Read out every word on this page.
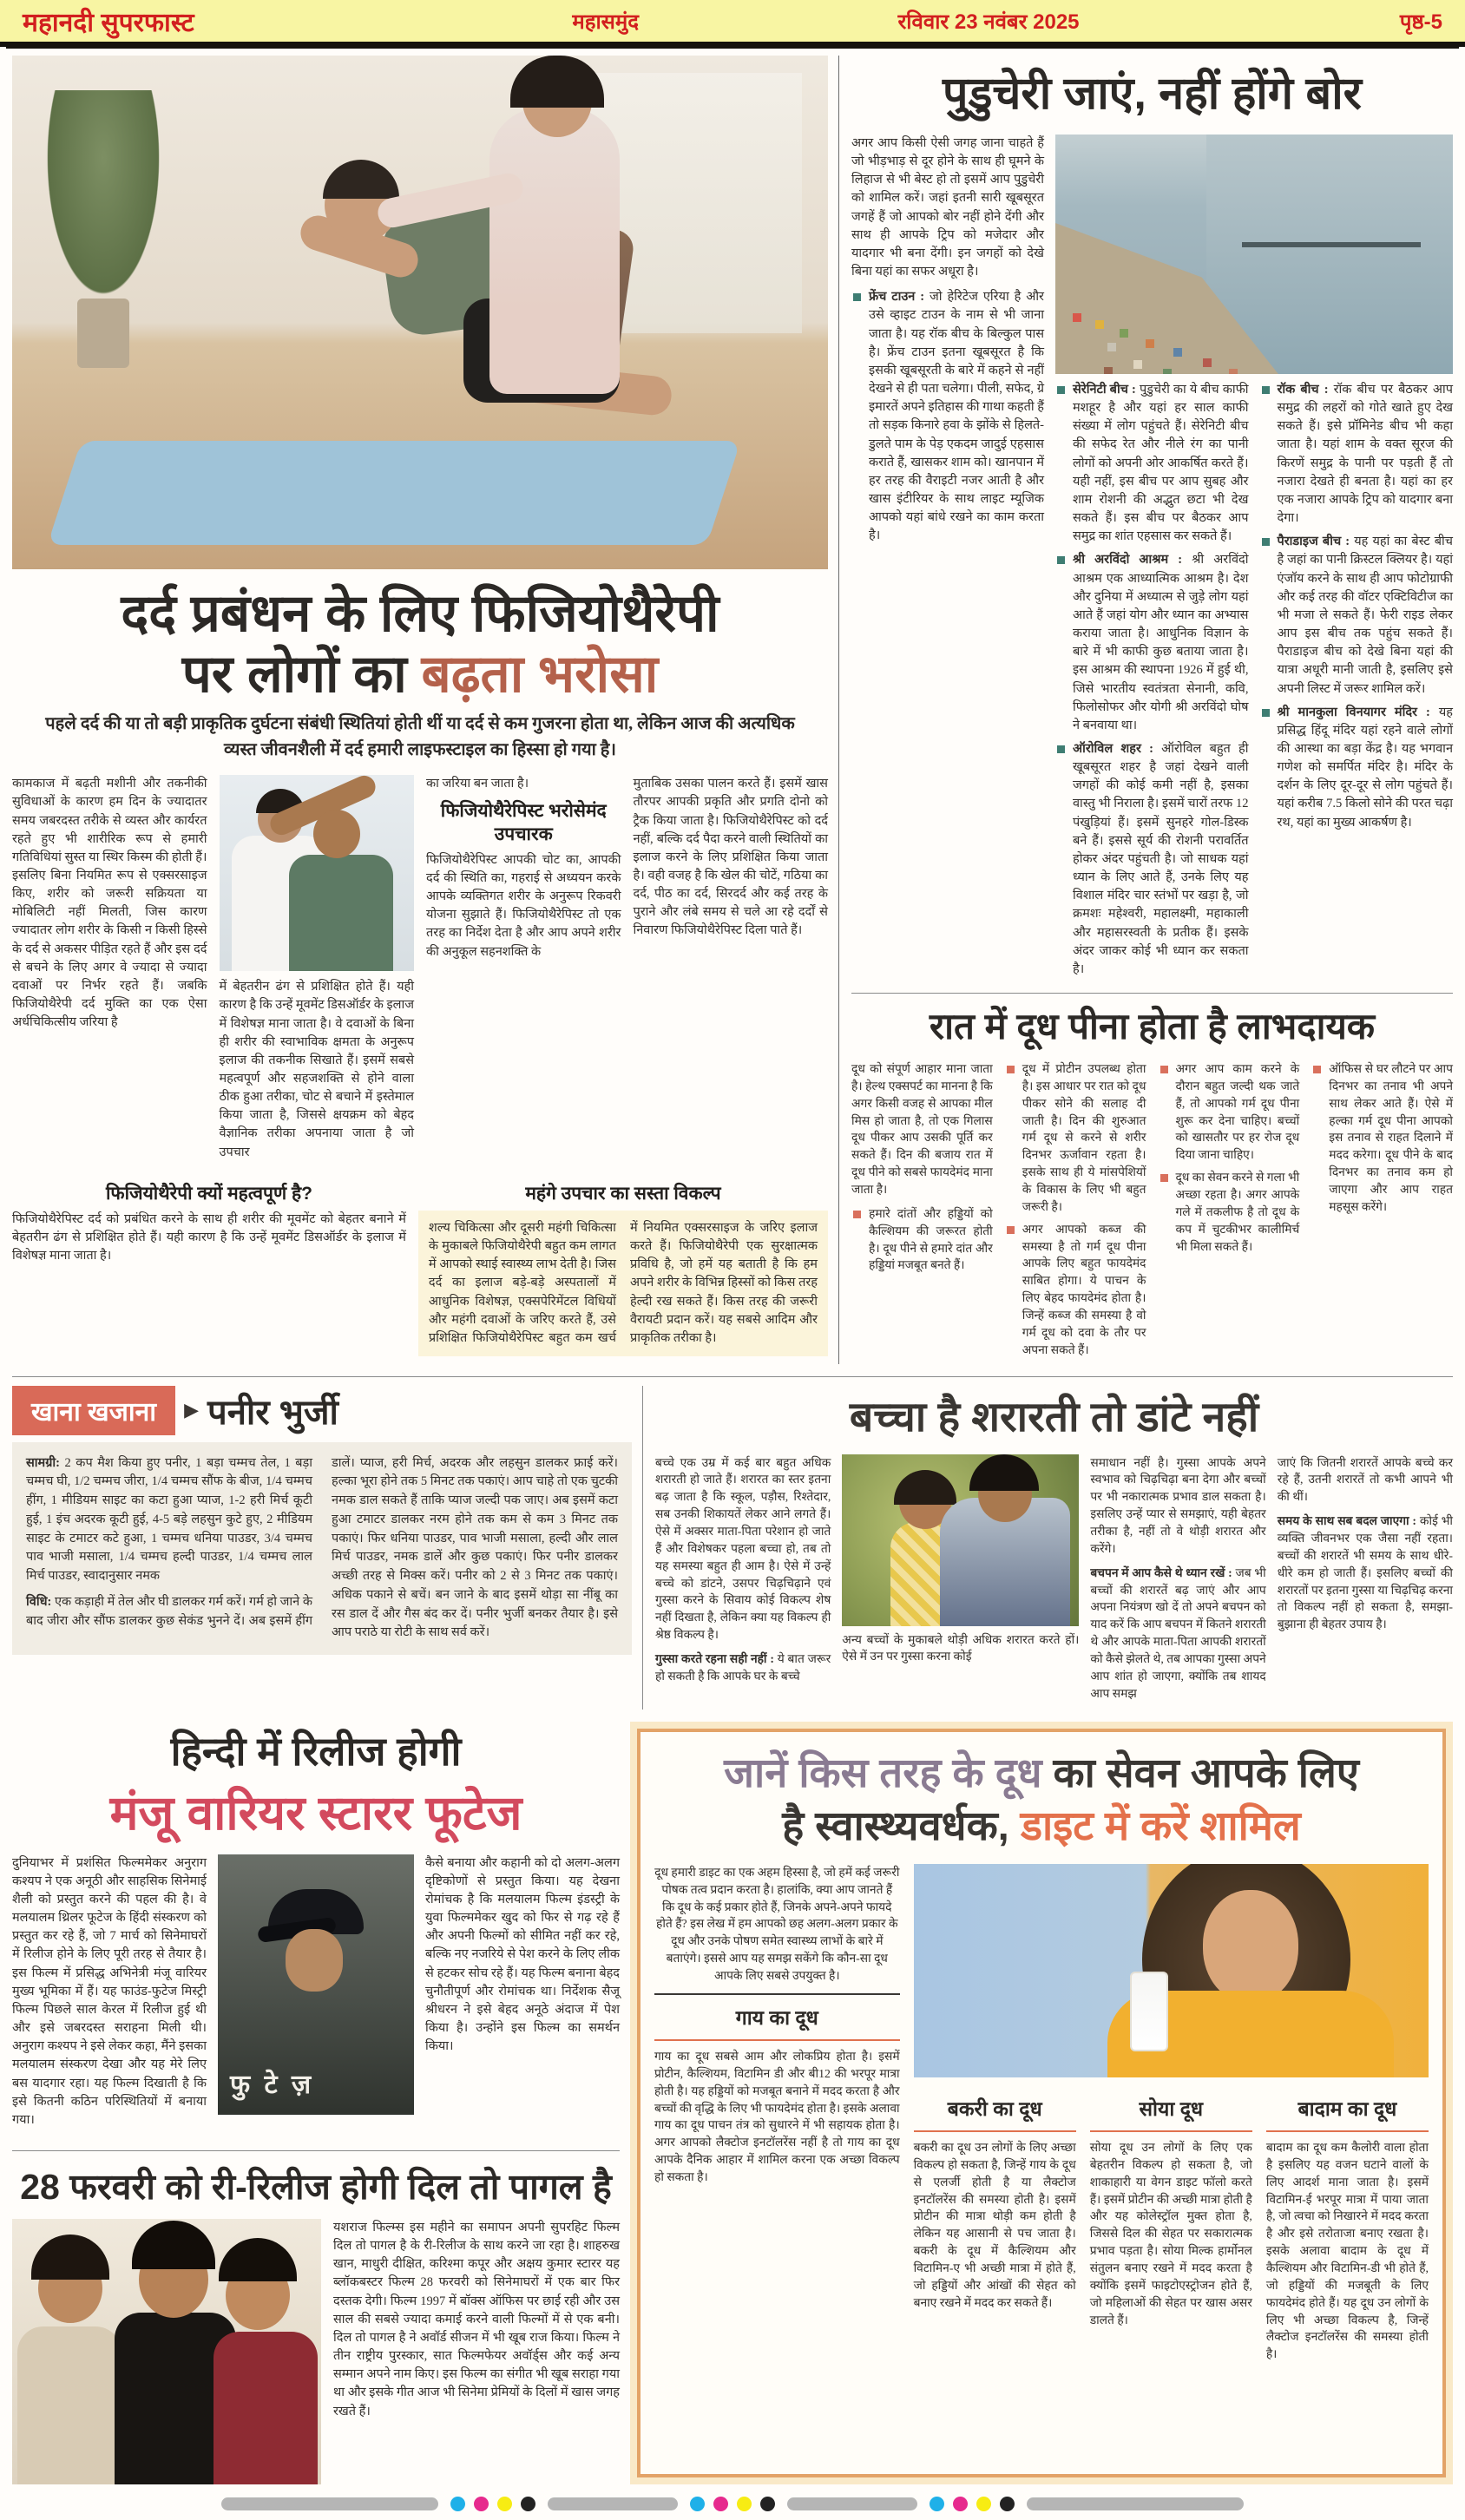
महानदी सुपरफास्ट	महासमुंद	रविवार 23 नवंबर 2025	पृष्ठ-5
दर्द प्रबंधन के लिए फिजियोथैरेपी
पर लोगों का बढ़ता भरोसा

पहले दर्द की या तो बड़ी प्राकृतिक दुर्घटना संबंधी स्थितियां होती थीं या दर्द से कम गुजरना होता था, लेकिन आज की अत्यधिक व्यस्त जीवनशैली में दर्द हमारी लाइफस्टाइल का हिस्सा हो गया है।

कामकाज में बढ़ती मशीनी और तकनीकी सुविधाओं के कारण हम दिन के ज्यादातर समय जबरदस्त तरीके से व्यस्त और कार्यरत रहते हुए भी शारीरिक रूप से हमारी गतिविधियां सुस्त या स्थिर किस्म की होती हैं। इसलिए बिना नियमित रूप से एक्सरसाइज किए, शरीर को जरूरी सक्रियता या मोबिलिटी नहीं मिलती, जिस कारण ज्यादातर लोग शरीर के किसी न किसी हिस्से के दर्द से अकसर पीड़ित रहते हैं और इस दर्द से बचने के लिए अगर वे ज्यादा से ज्यादा दवाओं पर निर्भर रहते हैं। जबकि फिजियोथैरेपी दर्द मुक्ति का एक ऐसा अर्धचिकित्सीय जरिया है

में बेहतरीन ढंग से प्रशिक्षित होते हैं। यही कारण है कि उन्हें मूवमेंट डिसऑर्डर के इलाज में विशेषज्ञ माना जाता है। वे दवाओं के बिना ही शरीर की स्वाभाविक क्षमता के अनुरूप इलाज की तकनीक सिखाते हैं। इसमें सबसे महत्वपूर्ण और सहजशक्ति से होने वाला ठीक हुआ तरीका, चोट से बचाने में इस्तेमाल किया जाता है, जिससे क्षयक्रम को बेहद वैज्ञानिक तरीका अपनाया जाता है जो उपचार

का जरिया बन जाता है।

फिजियोथैरेपिस्ट भरोसेमंद उपचारक

फिजियोथैरेपिस्ट आपकी चोट का, आपकी दर्द की स्थिति का, गहराई से अध्ययन करके आपके व्यक्तिगत शरीर के अनुरूप रिकवरी योजना सुझाते हैं। फिजियोथैरेपिस्ट तो एक तरह का निर्देश देता है और आप अपने शरीर की अनुकूल सहनशक्ति के

मुताबिक उसका पालन करते हैं। इसमें खास तौरपर आपकी प्रकृति और प्रगति दोनो को ट्रैक किया जाता है। फिजियोथैरेपिस्ट को दर्द नहीं, बल्कि दर्द पैदा करने वाली स्थितियों का इलाज करने के लिए प्रशिक्षित किया जाता है। वही वजह है कि खेल की चोटें, गठिया का दर्द, पीठ का दर्द, सिरदर्द और कई तरह के पुराने और लंबे समय से चले आ रहे दर्दों से निवारण फिजियोथैरेपिस्ट दिला पाते हैं।

फिजियोथैरेपी क्यों महत्वपूर्ण है?

फिजियोथैरेपिस्ट दर्द को प्रबंधित करने के साथ ही शरीर की मूवमेंट को बेहतर बनाने में बेहतरीन ढंग से प्रशिक्षित होते हैं। यही कारण है कि उन्हें मूवमेंट डिसऑर्डर के इलाज में विशेषज्ञ माना जाता है।

महंगे उपचार का सस्ता विकल्प

शल्य चिकित्सा और दूसरी महंगी चिकित्सा के मुकाबले फिजियोथैरेपी बहुत कम लागत में आपको स्थाई स्वास्थ्य लाभ देती है। जिस दर्द का इलाज बड़े-बड़े अस्पतालों में आधुनिक विशेषज्ञ, एक्सपेरिमेंटल विधियों और महंगी दवाओं के जरिए करते हैं, उसे प्रशिक्षित फिजियोथैरेपिस्ट बहुत कम खर्च में नियमित एक्सरसाइज के जरिए इलाज करते हैं। फिजियोथैरेपी एक सुरक्षात्मक प्रविधि है, जो हमें यह बताती है कि हम अपने शरीर के विभिन्न हिस्सों को किस तरह हेल्दी रख सकते हैं। किस तरह की जरूरी वैरायटी प्रदान करें। यह सबसे आदिम और प्राकृतिक तरीका है।

पुडुचेरी जाएं, नहीं होंगे बोर

अगर आप किसी ऐसी जगह जाना चाहते हैं जो भीड़भाड़ से दूर होने के साथ ही घूमने के लिहाज से भी बेस्ट हो तो इसमें आप पुडुचेरी को शामिल करें। जहां इतनी सारी खूबसूरत जगहें हैं जो आपको बोर नहीं होने देंगी और साथ ही आपके ट्रिप को मजेदार और यादगार भी बना देंगी। इन जगहों को देखे बिना यहां का सफर अधूरा है।

फ्रेंच टाउन : जो हेरिटेज एरिया है और उसे व्हाइट टाउन के नाम से भी जाना जाता है। यह रॉक बीच के बिल्कुल पास है। फ्रेंच टाउन इतना खूबसूरत है कि इसकी खूबसूरती के बारे में कहने से नहीं देखने से ही पता चलेगा। पीली, सफेद, ग्रे इमारतें अपने इतिहास की गाथा कहती हैं तो सड़क किनारे हवा के झोंके से हिलते-डुलते पाम के पेड़ एकदम जादुई एहसास कराते हैं, खासकर शाम को। खानपान में हर तरह की वैराइटी नजर आती है और खास इंटीरियर के साथ लाइट म्यूजिक आपको यहां बांधे रखने का काम करता है।
सेरेनिटी बीच : पुडुचेरी का ये बीच काफी मशहूर है और यहां हर साल काफी संख्या में लोग पहुंचते हैं। सेरेनिटी बीच की सफेद रेत और नीले रंग का पानी लोगों को अपनी ओर आकर्षित करते हैं। यही नहीं, इस बीच पर आप सुबह और शाम रोशनी की अद्भुत छटा भी देख सकते हैं। इस बीच पर बैठकर आप समुद्र का शांत एहसास कर सकते हैं।
श्री अरविंदो आश्रम : श्री अरविंदो आश्रम एक आध्यात्मिक आश्रम है। देश और दुनिया में अध्यात्म से जुड़े लोग यहां आते हैं जहां योग और ध्यान का अभ्यास कराया जाता है। आधुनिक विज्ञान के बारे में भी काफी कुछ बताया जाता है। इस आश्रम की स्थापना 1926 में हुई थी, जिसे भारतीय स्वतंत्रता सेनानी, कवि, फिलोसोफर और योगी श्री अरविंदो घोष ने बनवाया था।
ऑरोविल शहर : ऑरोविल बहुत ही खूबसूरत शहर है जहां देखने वाली जगहों की कोई कमी नहीं है, इसका वास्तु भी निराला है। इसमें चारों तरफ 12 पंखुड़ियां हैं। इसमें सुनहरे गोल-डिस्क बने हैं। इससे सूर्य की रोशनी परावर्तित होकर अंदर पहुंचती है। जो साधक यहां ध्यान के लिए आते हैं, उनके लिए यह विशाल मंदिर चार स्तंभों पर खड़ा है, जो क्रमशः महेश्वरी, महालक्ष्मी, महाकाली और महासरस्वती के प्रतीक हैं। इसके अंदर जाकर कोई भी ध्यान कर सकता है।
रॉक बीच : रॉक बीच पर बैठकर आप समुद्र की लहरों को गोते खाते हुए देख सकते हैं। इसे प्रॉमिनेड बीच भी कहा जाता है। यहां शाम के वक्त सूरज की किरणें समुद्र के पानी पर पड़ती हैं तो नजारा देखते ही बनता है। यहां का हर एक नजारा आपके ट्रिप को यादगार बना देगा।
पैराडाइज बीच : यह यहां का बेस्ट बीच है जहां का पानी क्रिस्टल क्लियर है। यहां एंजॉय करने के साथ ही आप फोटोग्राफी और कई तरह की वॉटर एक्टिविटीज का भी मजा ले सकते हैं। फेरी राइड लेकर आप इस बीच तक पहुंच सकते हैं। पैराडाइज बीच को देखे बिना यहां की यात्रा अधूरी मानी जाती है, इसलिए इसे अपनी लिस्ट में जरूर शामिल करें।
श्री मानकुला विनयागर मंदिर : यह प्रसिद्ध हिंदू मंदिर यहां रहने वाले लोगों की आस्था का बड़ा केंद्र है। यह भगवान गणेश को समर्पित मंदिर है। मंदिर के दर्शन के लिए दूर-दूर से लोग पहुंचते हैं। यहां करीब 7.5 किलो सोने की परत चढ़ा रथ, यहां का मुख्य आकर्षण है।
रात में दूध पीना होता है लाभदायक

दूध को संपूर्ण आहार माना जाता है। हेल्थ एक्सपर्ट का मानना है कि अगर किसी वजह से आपका मील मिस हो जाता है, तो एक गिलास दूध पीकर आप उसकी पूर्ति कर सकते हैं। दिन की बजाय रात में दूध पीने को सबसे फायदेमंद माना जाता है।

हमारे दांतों और हड्डियों को कैल्शियम की जरूरत होती है। दूध पीने से हमारे दांत और हड्डियां मजबूत बनते हैं।
दूध में प्रोटीन उपलब्ध होता है। इस आधार पर रात को दूध पीकर सोने की सलाह दी जाती है। दिन की शुरुआत गर्म दूध से करने से शरीर दिनभर ऊर्जावान रहता है। इसके साथ ही ये मांसपेशियों के विकास के लिए भी बहुत जरूरी है।
अगर आपको कब्ज की समस्या है तो गर्म दूध पीना आपके लिए बहुत फायदेमंद साबित होगा। ये पाचन के लिए बेहद फायदेमंद होता है। जिन्हें कब्ज की समस्या है वो गर्म दूध को दवा के तौर पर अपना सकते हैं।
अगर आप काम करने के दौरान बहुत जल्दी थक जाते हैं, तो आपको गर्म दूध पीना शुरू कर देना चाहिए। बच्चों को खासतौर पर हर रोज दूध दिया जाना चाहिए।
दूध का सेवन करने से गला भी अच्छा रहता है। अगर आपके गले में तकलीफ है तो दूध के कप में चुटकीभर कालीमिर्च भी मिला सकते हैं।
ऑफिस से घर लौटने पर आप दिनभर का तनाव भी अपने साथ लेकर आते हैं। ऐसे में हल्का गर्म दूध पीना आपको इस तनाव से राहत दिलाने में मदद करेगा। दूध पीने के बाद दिनभर का तनाव कम हो जाएगा और आप राहत महसूस करेंगे।
खाना खजाना	▶ पनीर भुर्जी

सामग्री: 2 कप मैश किया हुए पनीर, 1 बड़ा चम्मच तेल, 1 बड़ा चम्मच घी, 1/2 चम्मच जीरा, 1/4 चम्मच सौंफ के बीज, 1/4 चम्मच हींग, 1 मीडियम साइट का कटा हुआ प्याज, 1-2 हरी मिर्च कूटी हुई, 1 इंच अदरक कूटी हुई, 4-5 बड़े लहसुन कुटे हुए, 2 मीडियम साइट के टमाटर कटे हुआ, 1 चम्मच धनिया पाउडर, 3/4 चम्मच पाव भाजी मसाला, 1/4 चम्मच हल्दी पाउडर, 1/4 चम्मच लाल मिर्च पाउडर, स्वादानुसार नमक

विधि: एक कड़ाही में तेल और घी डालकर गर्म करें। गर्म हो जाने के बाद जीरा और सौंफ डालकर कुछ सेकंड भुनने दें। अब इसमें हींग डालें। प्याज, हरी मिर्च, अदरक और लहसुन डालकर फ्राई करें। हल्का भूरा होने तक 5 मिनट तक पकाएं। आप चाहे तो एक चुटकी नमक डाल सकते हैं ताकि प्याज जल्दी पक जाए। अब इसमें कटा हुआ टमाटर डालकर नरम होने तक कम से कम 3 मिनट तक पकाएं। फिर धनिया पाउडर, पाव भाजी मसाला, हल्दी और लाल मिर्च पाउडर, नमक डालें और कुछ पकाएं। फिर पनीर डालकर अच्छी तरह से मिक्स करें। पनीर को 2 से 3 मिनट तक पकाएं। अधिक पकाने से बचें। बन जाने के बाद इसमें थोड़ा सा नींबू का रस डाल दें और गैस बंद कर दें। पनीर भुर्जी बनकर तैयार है। इसे आप पराठे या रोटी के साथ सर्व करें।

बच्चा है शरारती तो डांटे नहीं

बच्चे एक उम्र में कई बार बहुत अधिक शरारती हो जाते हैं। शरारत का स्तर इतना बढ़ जाता है कि स्कूल, पड़ौस, रिश्तेदार, सब उनकी शिकायतें लेकर आने लगते हैं। ऐसे में अक्सर माता-पिता परेशान हो जाते हैं और विशेषकर पहला बच्चा हो, तब तो यह समस्या बहुत ही आम है। ऐसे में उन्हें बच्चे को डांटने, उसपर चिढ़चिढ़ाने एवं गुस्सा करने के सिवाय कोई विकल्प शेष नहीं दिखता है, लेकिन क्या यह विकल्प ही श्रेष्ठ विकल्प है।

गुस्सा करते रहना सही नहीं : ये बात जरूर हो सकती है कि आपके घर के बच्चे

अन्य बच्चों के मुकाबले थोड़ी अधिक शरारत करते हों। ऐसे में उन पर गुस्सा करना कोई

समाधान नहीं है। गुस्सा आपके अपने स्वभाव को चिढ़चिढ़ा बना देगा और बच्चों पर भी नकारात्मक प्रभाव डाल सकता है। इसलिए उन्हें प्यार से समझाएं, यही बेहतर तरीका है, नहीं तो वे थोड़ी शरारत और करेंगे।

बचपन में आप कैसे थे ध्यान रखें : जब भी बच्चों की शरारतें बढ़ जाएं और आप अपना नियंत्रण खो दें तो अपने बचपन को याद करें कि आप बचपन में कितने शरारती थे और आपके माता-पिता आपकी शरारतों को कैसे झेलते थे, तब आपका गुस्सा अपने आप शांत हो जाएगा, क्योंकि तब शायद आप समझ

जाएं कि जितनी शरारतें आपके बच्चे कर रहे हैं, उतनी शरारतें तो कभी आपने भी की थीं।

समय के साथ सब बदल जाएगा : कोई भी व्यक्ति जीवनभर एक जैसा नहीं रहता। बच्चों की शरारतें भी समय के साथ धीरे-धीरे कम हो जाती हैं। इसलिए बच्चों की शरारतों पर इतना गुस्सा या चिढ़चिढ़ करना तो विकल्प नहीं हो सकता है, समझा-बुझाना ही बेहतर उपाय है।

हिन्दी में रिलीज होगी
मंजू वारियर स्टारर फूटेज

दुनियाभर में प्रशंसित फिल्ममेकर अनुराग कश्यप ने एक अनूठी और साहसिक सिनेमाई शैली को प्रस्तुत करने की पहल की है। वे मलयालम थ्रिलर फूटेज के हिंदी संस्करण को प्रस्तुत कर रहे हैं, जो 7 मार्च को सिनेमाघरों में रिलीज होने के लिए पूरी तरह से तैयार है। इस फिल्म में प्रसिद्ध अभिनेत्री मंजू वारियर मुख्य भूमिका में हैं। यह फाउंड-फुटेज मिस्ट्री फिल्म पिछले साल केरल में रिलीज हुई थी और इसे जबरदस्त सराहना मिली थी। अनुराग कश्यप ने इसे लेकर कहा, मैंने इसका मलयालम संस्करण देखा और यह मेरे लिए बस यादगार रहा। यह फिल्म दिखाती है कि इसे कितनी कठिन परिस्थितियों में बनाया गया।

फु टे ज़

कैसे बनाया और कहानी को दो अलग-अलग दृष्टिकोणों से प्रस्तुत किया। यह देखना रोमांचक है कि मलयालम फिल्म इंडस्ट्री के युवा फिल्ममेकर खुद को फिर से गढ़ रहे हैं और अपनी फिल्मों को सीमित नहीं कर रहे, बल्कि नए नजरिये से पेश करने के लिए लीक से हटकर सोच रहे हैं। यह फिल्म बनाना बेहद चुनौतीपूर्ण और रोमांचक था। निर्देशक सैजू श्रीधरन ने इसे बेहद अनूठे अंदाज में पेश किया है। उन्होंने इस फिल्म का समर्थन किया।

28 फरवरी को री-रिलीज होगी दिल तो पागल है

यशराज फिल्म्स इस महीने का समापन अपनी सुपरहिट फिल्म दिल तो पागल है के री-रिलीज के साथ करने जा रहा है। शाहरुख खान, माधुरी दीक्षित, करिश्मा कपूर और अक्षय कुमार स्टारर यह ब्लॉकबस्टर फिल्म 28 फरवरी को सिनेमाघरों में एक बार फिर दस्तक देगी। फिल्म 1997 में बॉक्स ऑफिस पर छाई रही और उस साल की सबसे ज्यादा कमाई करने वाली फिल्मों में से एक बनी। दिल तो पागल है ने अवॉर्ड सीजन में भी खूब राज किया। फिल्म ने तीन राष्ट्रीय पुरस्कार, सात फिल्मफेयर अवॉर्ड्स और कई अन्य सम्मान अपने नाम किए। इस फिल्म का संगीत भी खूब सराहा गया था और इसके गीत आज भी सिनेमा प्रेमियों के दिलों में खास जगह रखते हैं।

जानें किस तरह के दूध का सेवन आपके लिए
है स्वास्थ्यवर्धक, डाइट में करें शामिल

दूध हमारी डाइट का एक अहम हिस्सा है, जो हमें कई जरूरी पोषक तत्व प्रदान करता है। हालांकि, क्या आप जानते हैं कि दूध के कई प्रकार होते हैं, जिनके अपने-अपने फायदे होते हैं? इस लेख में हम आपको छह अलग-अलग प्रकार के दूध और उनके पोषण समेत स्वास्थ्य लाभों के बारे में बताएंगे। इससे आप यह समझ सकेंगे कि कौन-सा दूध आपके लिए सबसे उपयुक्त है।

गाय का दूध

गाय का दूध सबसे आम और लोकप्रिय होता है। इसमें प्रोटीन, कैल्शियम, विटामिन डी और बी12 की भरपूर मात्रा होती है। यह हड्डियों को मजबूत बनाने में मदद करता है और बच्चों की वृद्धि के लिए भी फायदेमंद होता है। इसके अलावा गाय का दूध पाचन तंत्र को सुधारने में भी सहायक होता है। अगर आपको लैक्टोज इनटॉलरेंस नहीं है तो गाय का दूध आपके दैनिक आहार में शामिल करना एक अच्छा विकल्प हो सकता है।

बकरी का दूध

बकरी का दूध उन लोगों के लिए अच्छा विकल्प हो सकता है, जिन्हें गाय के दूध से एलर्जी होती है या लैक्टोज इनटॉलरेंस की समस्या होती है। इसमें प्रोटीन की मात्रा थोड़ी कम होती है लेकिन यह आसानी से पच जाता है। बकरी के दूध में कैल्शियम और विटामिन-ए भी अच्छी मात्रा में होते हैं, जो हड्डियों और आंखों की सेहत को बनाए रखने में मदद कर सकते हैं।

सोया दूध

सोया दूध उन लोगों के लिए एक बेहतरीन विकल्प हो सकता है, जो शाकाहारी या वेगन डाइट फॉलो करते हैं। इसमें प्रोटीन की अच्छी मात्रा होती है और यह कोलेस्ट्रॉल मुक्त होता है, जिससे दिल की सेहत पर सकारात्मक प्रभाव पड़ता है। सोया मिल्क हार्मोनल संतुलन बनाए रखने में मदद करता है क्योंकि इसमें फाइटोएस्ट्रोजन होते हैं, जो महिलाओं की सेहत पर खास असर डालते हैं।

बादाम का दूध

बादाम का दूध कम कैलोरी वाला होता है इसलिए यह वजन घटाने वालों के लिए आदर्श माना जाता है। इसमें विटामिन-ई भरपूर मात्रा में पाया जाता है, जो त्वचा को निखारने में मदद करता है और इसे तरोताजा बनाए रखता है। इसके अलावा बादाम के दूध में कैल्शियम और विटामिन-डी भी होते हैं, जो हड्डियों की मजबूती के लिए फायदेमंद होते हैं। यह दूध उन लोगों के लिए भी अच्छा विकल्प है, जिन्हें लैक्टोज इनटॉलरेंस की समस्या होती है।
